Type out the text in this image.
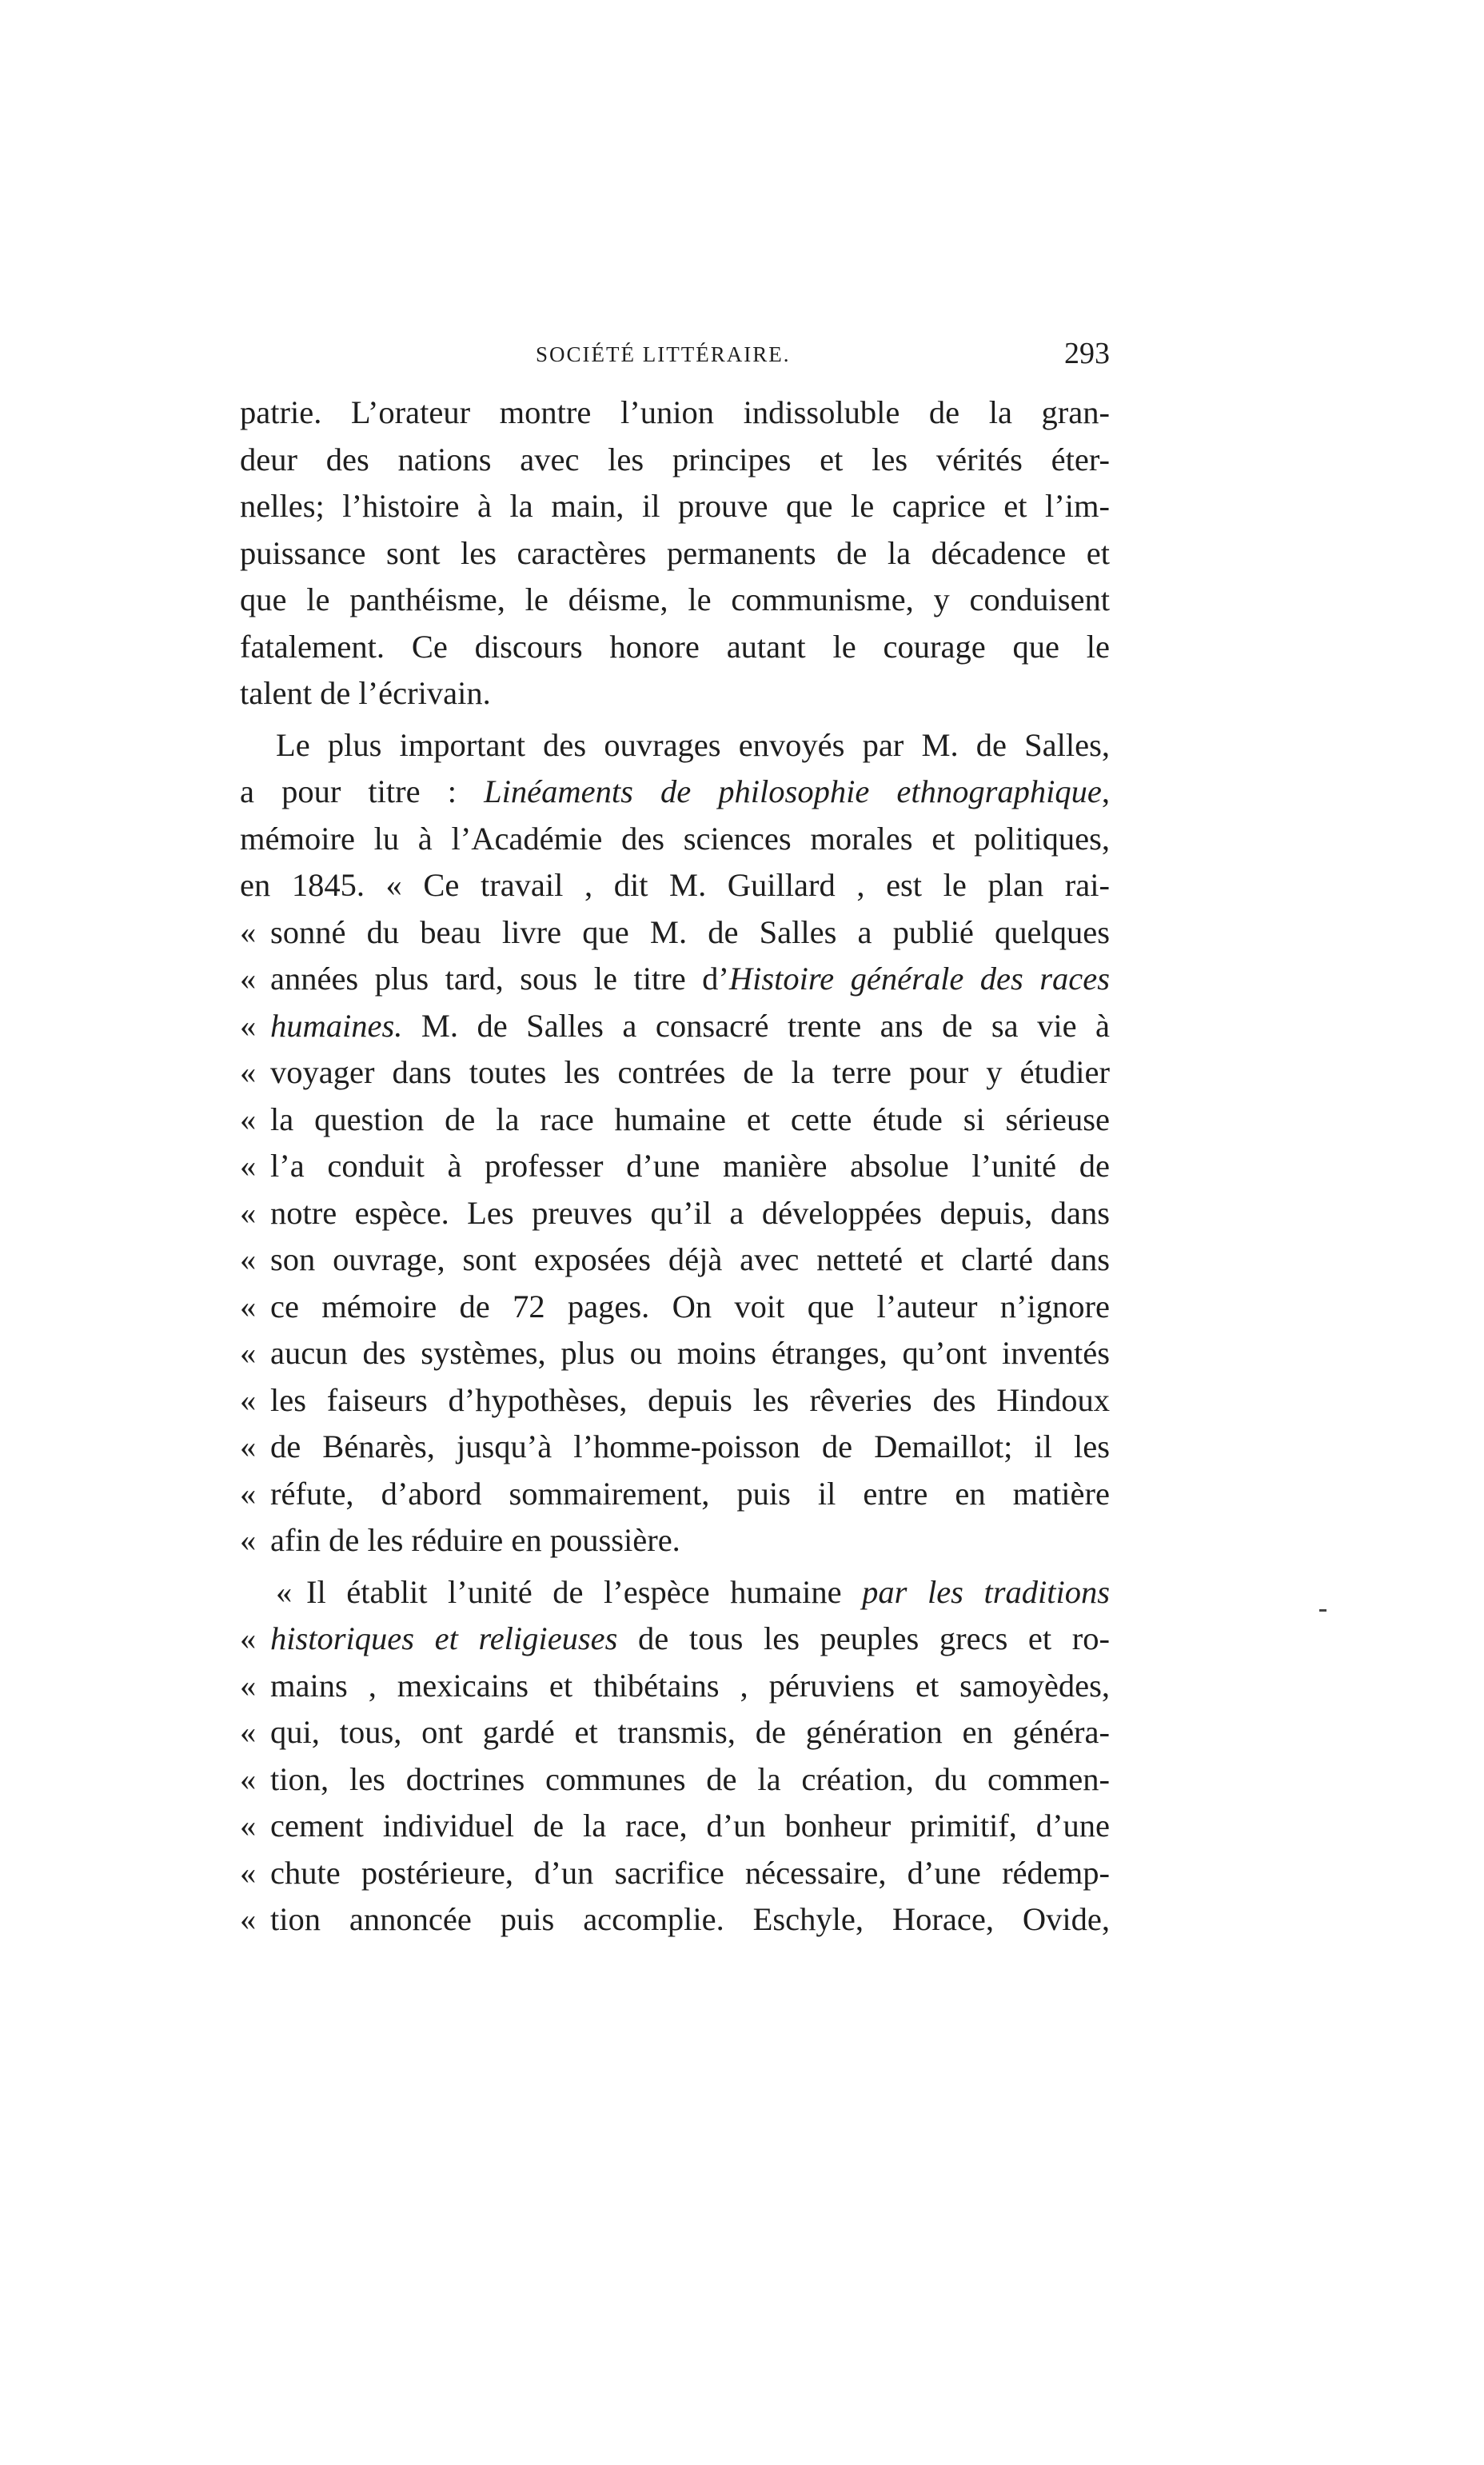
SOCIÉTÉ LITTÉRAIRE.	293
patrie. L’orateur montre l’union indissoluble de la gran-
deur des nations avec les principes et les vérités éter-
nelles; l’histoire à la main, il prouve que le caprice et l’im-
puissance sont les caractères permanents de la décadence et
que le panthéisme, le déisme, le communisme, y conduisent
fatalement. Ce discours honore autant le courage que le
talent de l’écrivain.
Le plus important des ouvrages envoyés par M. de Salles,
a pour titre : Linéaments de philosophie ethnographique,
mémoire lu à l’Académie des sciences morales et politiques,
en 1845. « Ce travail , dit M. Guillard , est le plan rai-
« sonné du beau livre que M. de Salles a publié quelques
« années plus tard, sous le titre d’Histoire générale des races
« humaines. M. de Salles a consacré trente ans de sa vie à
« voyager dans toutes les contrées de la terre pour y étudier
« la question de la race humaine et cette étude si sérieuse
« l’a conduit à professer d’une manière absolue l’unité de
« notre espèce. Les preuves qu’il a développées depuis, dans
« son ouvrage, sont exposées déjà avec netteté et clarté dans
« ce mémoire de 72 pages. On voit que l’auteur n’ignore
« aucun des systèmes, plus ou moins étranges, qu’ont inventés
« les faiseurs d’hypothèses, depuis les rêveries des Hindoux
« de Bénarès, jusqu’à l’homme-poisson de Demaillot; il les
« réfute, d’abord sommairement, puis il entre en matière
« afin de les réduire en poussière.
« Il établit l’unité de l’espèce humaine par les traditions
« historiques et religieuses de tous les peuples grecs et ro-
« mains , mexicains et thibétains , péruviens et samoyèdes,
« qui, tous, ont gardé et transmis, de génération en généra-
« tion, les doctrines communes de la création, du commen-
« cement individuel de la race, d’un bonheur primitif, d’une
« chute postérieure, d’un sacrifice nécessaire, d’une rédemp-
« tion annoncée puis accomplie. Eschyle, Horace, Ovide,
